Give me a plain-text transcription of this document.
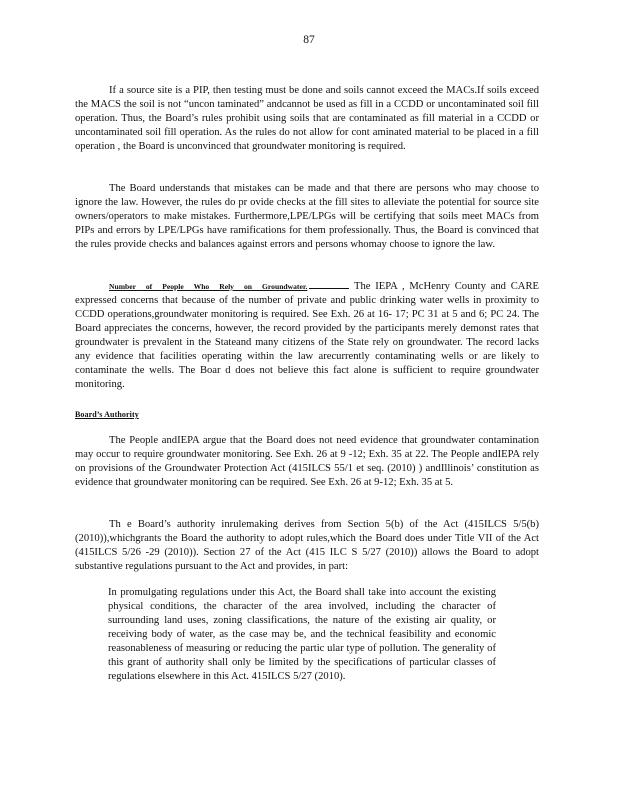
87

If a source site is a PIP, then testing must be done and soils cannot exceed the MACs.If soils exceed the MACS the soil is not “uncon taminated” andcannot be used as fill in a CCDD or uncontaminated soil fill operation. Thus, the Board’s rules prohibit using soils that are contaminated as fill material in a CCDD or uncontaminated soil fill operation. As the rules do not allow for cont aminated material to be placed in a fill operation , the Board is unconvinced that groundwater monitoring is required.

The Board understands that mistakes can be made and that there are persons who may choose to ignore the law. However, the rules do pr ovide checks at the fill sites to alleviate the potential for source site owners/operators to make mistakes. Furthermore,LPE/LPGs will be certifying that soils meet MACs from PIPs and errors by LPE/LPGs have ramifications for them professionally. Thus, the Board is convinced that the rules provide checks and balances against errors and persons whomay choose to ignore the law.

Number of People Who Rely on Groundwater.	The IEPA , McHenry County and CARE expressed concerns that because of the number of private and public drinking water wells in proximity to CCDD operations,groundwater monitoring is required. See Exh. 26 at 16- 17; PC 31 at 5 and 6; PC 24. The Board appreciates the concerns, however, the record provided by the participants merely demonst rates that groundwater is prevalent in the Stateand many citizens of the State rely on groundwater. The record lacks any evidence that facilities operating within the law arecurrently contaminating wells or are likely to contaminate the wells. The Boar d does not believe this fact alone is sufficient to require groundwater monitoring.

Board’s Authority

The People andIEPA argue that the Board does not need evidence that groundwater contamination may occur to require groundwater monitoring. See Exh. 26 at 9 -12; Exh. 35 at 22. The People andIEPA rely on provisions of the Groundwater Protection Act (415ILCS 55/1 et seq. (2010) ) andIllinois’ constitution as evidence that groundwater monitoring can be required. See Exh. 26 at 9-12; Exh. 35 at 5.

Th e Board’s authority inrulemaking derives from Section 5(b) of the Act (415ILCS 5/5(b) (2010)),whichgrants the Board the authority to adopt rules,which the Board does under Title VII of the Act (415ILCS 5/26 -29 (2010)). Section 27 of the Act (415 ILC S 5/27 (2010)) allows the Board to adopt substantive regulations pursuant to the Act and provides, in part:

In promulgating regulations under this Act, the Board shall take into account the existing physical conditions, the character of the area involved, including the character of surrounding land uses, zoning classifications, the nature of the existing air quality, or receiving body of water, as the case may be, and the technical feasibility and economic reasonableness of measuring or reducing the partic ular type of pollution. The generality of this grant of authority shall only be limited by the specifications of particular classes of regulations elsewhere in this Act. 415ILCS 5/27 (2010).
